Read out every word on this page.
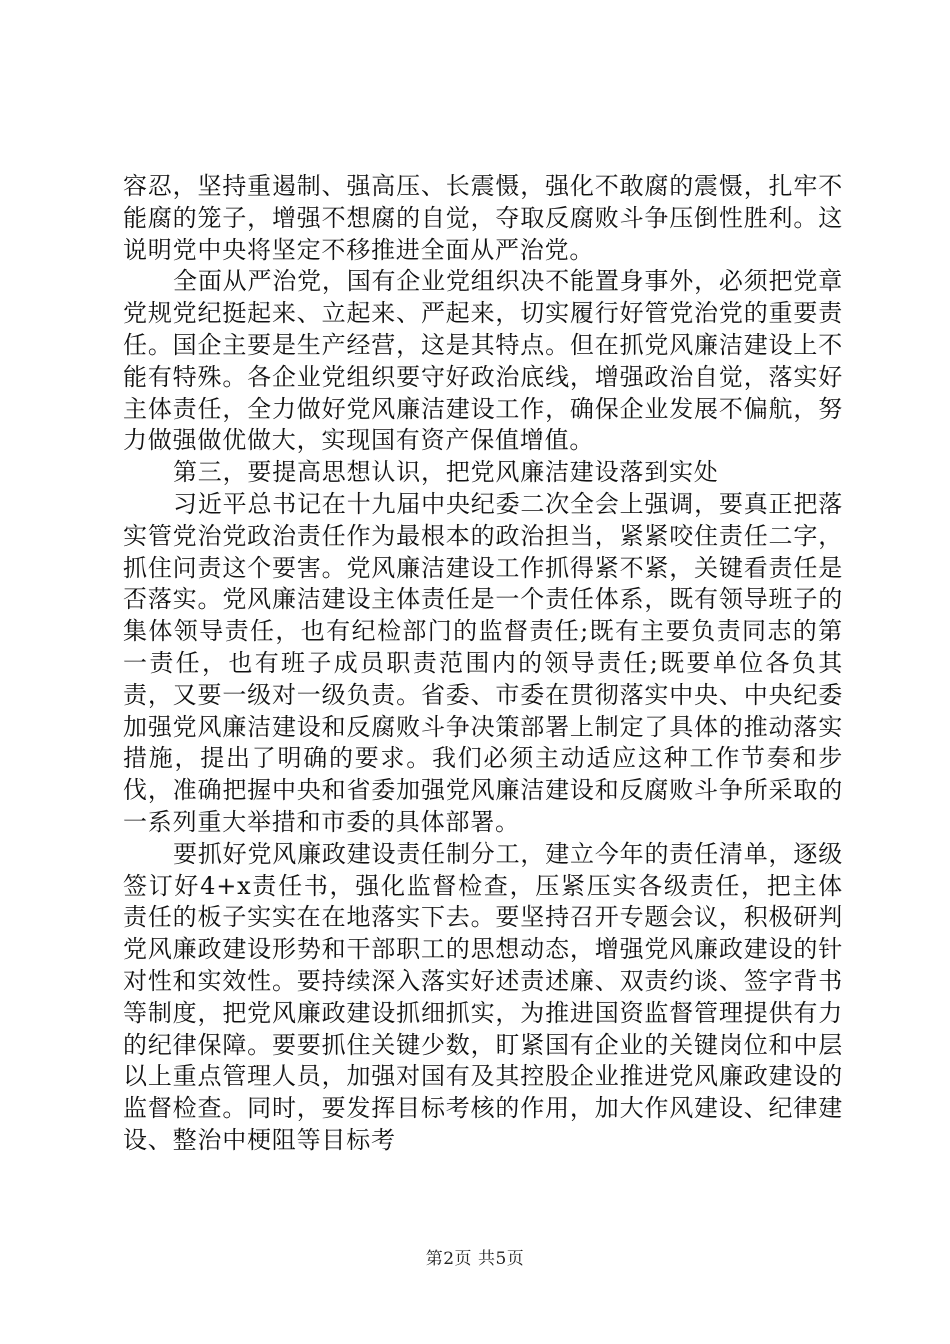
容忍，坚持重遏制、强高压、长震慑，强化不敢腐的震慑，扎牢不能腐的笼子，增强不想腐的自觉，夺取反腐败斗争压倒性胜利。这说明党中央将坚定不移推进全面从严治党。

全面从严治党，国有企业党组织决不能置身事外，必须把党章党规党纪挺起来、立起来、严起来，切实履行好管党治党的重要责任。国企主要是生产经营，这是其特点。但在抓党风廉洁建设上不能有特殊。各企业党组织要守好政治底线，增强政治自觉，落实好主体责任，全力做好党风廉洁建设工作，确保企业发展不偏航，努力做强做优做大，实现国有资产保值增值。

第三，要提高思想认识，把党风廉洁建设落到实处

习近平总书记在十九届中央纪委二次全会上强调，要真正把落实管党治党政治责任作为最根本的政治担当，紧紧咬住责任二字，抓住问责这个要害。党风廉洁建设工作抓得紧不紧，关键看责任是否落实。党风廉洁建设主体责任是一个责任体系，既有领导班子的集体领导责任，也有纪检部门的监督责任;既有主要负责同志的第一责任，也有班子成员职责范围内的领导责任;既要单位各负其责，又要一级对一级负责。省委、市委在贯彻落实中央、中央纪委加强党风廉洁建设和反腐败斗争决策部署上制定了具体的推动落实措施，提出了明确的要求。我们必须主动适应这种工作节奏和步伐，准确把握中央和省委加强党风廉洁建设和反腐败斗争所采取的一系列重大举措和市委的具体部署。

要抓好党风廉政建设责任制分工，建立今年的责任清单，逐级签订好4+x责任书，强化监督检查，压紧压实各级责任，把主体责任的板子实实在在地落实下去。要坚持召开专题会议，积极研判党风廉政建设形势和干部职工的思想动态，增强党风廉政建设的针对性和实效性。要持续深入落实好述责述廉、双责约谈、签字背书等制度，把党风廉政建设抓细抓实，为推进国资监督管理提供有力的纪律保障。要要抓住关键少数，盯紧国有企业的关键岗位和中层以上重点管理人员，加强对国有及其控股企业推进党风廉政建设的监督检查。同时，要发挥目标考核的作用，加大作风建设、纪律建设、整治中梗阻等目标考

第2页 共5页
